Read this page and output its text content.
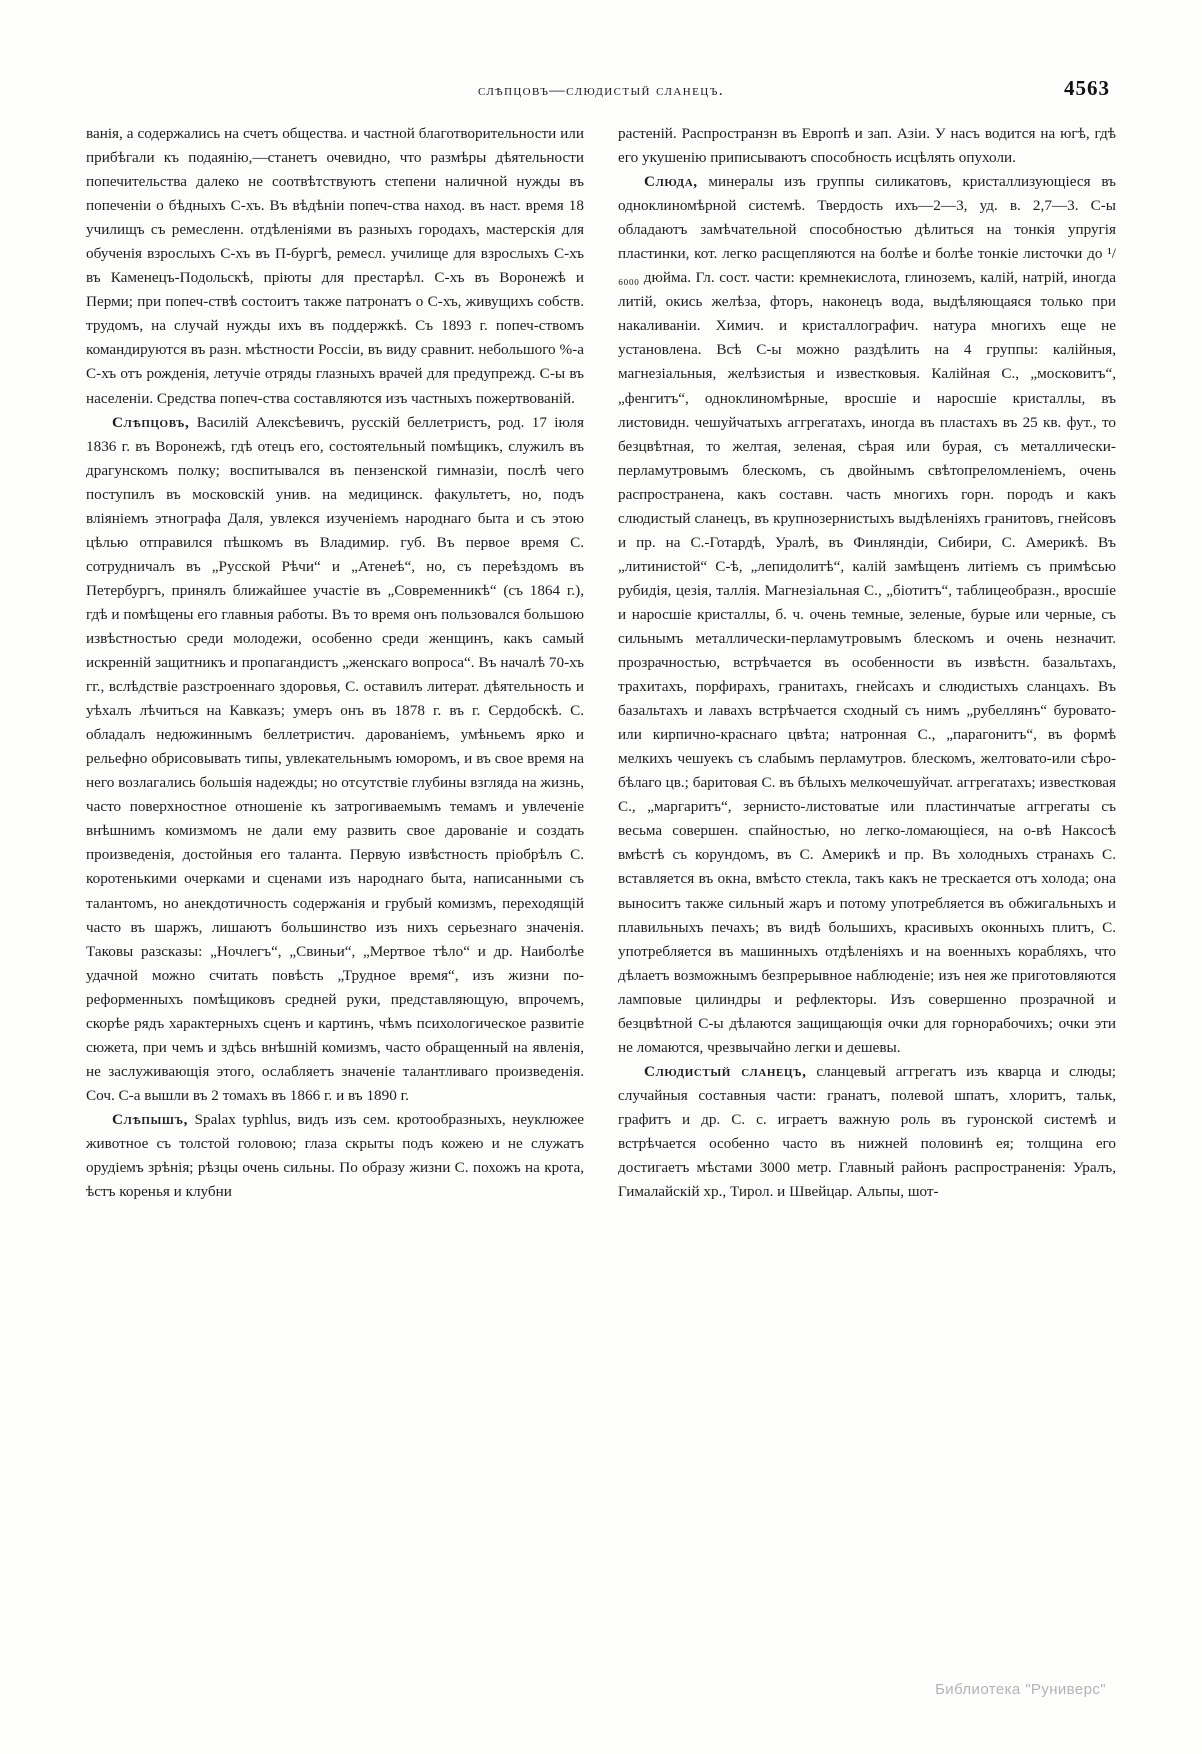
слѣпцовъ—слюдистый сланецъ.	4563

ванія, а содержались на счетъ общества. и частной благотворительности или прибѣгали къ подаянію,—станетъ очевидно, что размѣры дѣятельности попечительства далеко не соотвѣтствуютъ степени наличной нужды въ попеченіи о бѣдныхъ С-хъ. Въ вѣдѣніи попеч-ства наход. въ наст. время 18 училищъ съ ремесленн. отдѣленіями въ разныхъ городахъ, мастерскія для обученія взрослыхъ С-хъ въ П-бургѣ, ремесл. училище для взрослыхъ С-хъ въ Каменецъ-Подольскѣ, пріюты для престарѣл. С-хъ въ Воронежѣ и Перми; при попеч-ствѣ состоитъ также патронатъ о С-хъ, живущихъ собств. трудомъ, на случай нужды ихъ въ поддержкѣ. Съ 1893 г. попеч-ствомъ командируются въ разн. мѣстности Россіи, въ виду сравнит. небольшого %-а С-хъ отъ рожденія, летучіе отряды глазныхъ врачей для предупрежд. С-ы въ населеніи. Средства попеч-ства составляются изъ частныхъ пожертвованій.

Слѣпцовъ, Василій Алексѣевичъ, русскій беллетристъ, род. 17 іюля 1836 г. въ Воронежѣ, гдѣ отецъ его, состоятельный помѣщикъ, служилъ въ драгунскомъ полку; воспитывался въ пензенской гимназіи, послѣ чего поступилъ въ московскій унив. на медицинск. факультетъ, но, подъ вліяніемъ этнографа Даля, увлекся изученіемъ народнаго быта и съ этою цѣлью отправился пѣшкомъ въ Владимир. губ. Въ первое время С. сотрудничалъ въ „Русской Рѣчи“ и „Атенеѣ“, но, съ переѣздомъ въ Петербургъ, принялъ ближайшее участіе въ „Современникѣ“ (съ 1864 г.), гдѣ и помѣщены его главныя работы. Въ то время онъ пользовался большою извѣстностью среди молодежи, особенно среди женщинъ, какъ самый искренній защитникъ и пропагандистъ „женскаго вопроса“. Въ началѣ 70-хъ гг., вслѣдствіе разстроеннаго здоровья, С. оставилъ литерат. дѣятельность и уѣхалъ лѣчиться на Кавказъ; умеръ онъ въ 1878 г. въ г. Сердобскѣ. С. обладалъ недюжиннымъ беллетристич. дарованіемъ, умѣньемъ ярко и рельефно обрисовывать типы, увлекательнымъ юморомъ, и въ свое время на него возлагались большія надежды; но отсутствіе глубины взгляда на жизнь, часто поверхностное отношеніе къ затрогиваемымъ темамъ и увлеченіе внѣшнимъ комизмомъ не дали ему развить свое дарованіе и создать произведенія, достойныя его таланта. Первую извѣстность пріобрѣлъ С. коротенькими очерками и сценами изъ народнаго быта, написанными съ талантомъ, но анекдотичность содержанія и грубый комизмъ, переходящій часто въ шаржъ, лишаютъ большинство изъ нихъ серьезнаго значенія. Таковы разсказы: „Ночлегъ“, „Свиньи“, „Мертвое тѣло“ и др. Наиболѣе удачной можно считать повѣсть „Трудное время“, изъ жизни по-реформенныхъ помѣщиковъ средней руки, представляющую, впрочемъ, скорѣе рядъ характерныхъ сценъ и картинъ, чѣмъ психологическое развитіе сюжета, при чемъ и здѣсь внѣшній комизмъ, часто обращенный на явленія, не заслуживающія этого, ослабляетъ значеніе талантливаго произведенія. Соч. С-а вышли въ 2 томахъ въ 1866 г. и въ 1890 г.

Слѣпышъ, Spalax typhlus, видъ изъ сем. кротообразныхъ, неуклюжее животное съ толстой головою; глаза скрыты подъ кожею и не служатъ орудіемъ зрѣнія; рѣзцы очень сильны. По образу жизни С. похожъ на крота, ѣстъ коренья и клубни

растеній. Распространзн въ Европѣ и зап. Азіи. У насъ водится на югѣ, гдѣ его укушенію приписываютъ способность исцѣлять опухоли.

Слюда, минералы изъ группы силикатовъ, кристаллизующіеся въ одноклиномѣрной системѣ. Твердость ихъ—2—3, уд. в. 2,7—3. С-ы обладаютъ замѣчательной способностью дѣлиться на тонкія упругія пластинки, кот. легко расщепляются на болѣе и болѣе тонкіе листочки до ¹/₆₀₀₀ дюйма. Гл. сост. части: кремнекислота, глиноземъ, калій, натрій, иногда литій, окись желѣза, фторъ, наконецъ вода, выдѣляющаяся только при накаливаніи. Химич. и кристаллографич. натура многихъ еще не установлена. Всѣ С-ы можно раздѣлить на 4 группы: калійныя, магнезіальныя, желѣзистыя и известковыя. Калійная С., „московитъ“, „фенгитъ“, одноклиномѣрные, вросшіе и наросшіе кристаллы, въ листовидн. чешуйчатыхъ аггрегатахъ, иногда въ пластахъ въ 25 кв. фут., то безцвѣтная, то желтая, зеленая, сѣрая или бурая, съ металлически-перламутровымъ блескомъ, съ двойнымъ свѣтопреломленіемъ, очень распространена, какъ составн. часть многихъ горн. породъ и какъ слюдистый сланецъ, въ крупнозернистыхъ выдѣленіяхъ гранитовъ, гнейсовъ и пр. на С.-Готардѣ, Уралѣ, въ Финляндіи, Сибири, С. Америкѣ. Въ „литинистой“ С-ѣ, „лепидолитѣ“, калій замѣщенъ литіемъ съ примѣсью рубидія, цезія, таллія. Магнезіальная С., „біотитъ“, таблицеобразн., вросшіе и наросшіе кристаллы, б. ч. очень темные, зеленые, бурые или черные, съ сильнымъ металлически-перламутровымъ блескомъ и очень незначит. прозрачностью, встрѣчается въ особенности въ извѣстн. базальтахъ, трахитахъ, порфирахъ, гранитахъ, гнейсахъ и слюдистыхъ сланцахъ. Въ базальтахъ и лавахъ встрѣчается сходный съ нимъ „рубеллянъ“ буровато-или кирпично-краснаго цвѣта; натронная С., „парагонитъ“, въ формѣ мелкихъ чешуекъ съ слабымъ перламутров. блескомъ, желтовато-или сѣро-бѣлаго цв.; баритовая С. въ бѣлыхъ мелкочешуйчат. аггрегатахъ; известковая С., „маргаритъ“, зернисто-листоватые или пластинчатые аггрегаты съ весьма совершен. спайностью, но легко-ломающіеся, на о-вѣ Наксосѣ вмѣстѣ съ корундомъ, въ С. Америкѣ и пр. Въ холодныхъ странахъ С. вставляется въ окна, вмѣсто стекла, такъ какъ не трескается отъ холода; она выноситъ также сильный жаръ и потому употребляется въ обжигальныхъ и плавильныхъ печахъ; въ видѣ большихъ, красивыхъ оконныхъ плитъ, С. употребляется въ машинныхъ отдѣленіяхъ и на военныхъ корабляхъ, что дѣлаетъ возможнымъ безпрерывное наблюденіе; изъ нея же приготовляются ламповые цилиндры и рефлекторы. Изъ совершенно прозрачной и безцвѣтной С-ы дѣлаются защищающія очки для горнорабочихъ; очки эти не ломаются, чрезвычайно легки и дешевы.

Слюдистый сланецъ, сланцевый аггрегатъ изъ кварца и слюды; случайныя составныя части: гранатъ, полевой шпатъ, хлоритъ, тальк, графитъ и др. С. с. играетъ важную роль въ гуронской системѣ и встрѣчается особенно часто въ нижней половинѣ ея; толщина его достигаетъ мѣстами 3000 метр. Главный районъ распространенія: Уралъ, Гималайскій хр., Тирол. и Швейцар. Альпы, шот-

Библиотека "Руниверс"
